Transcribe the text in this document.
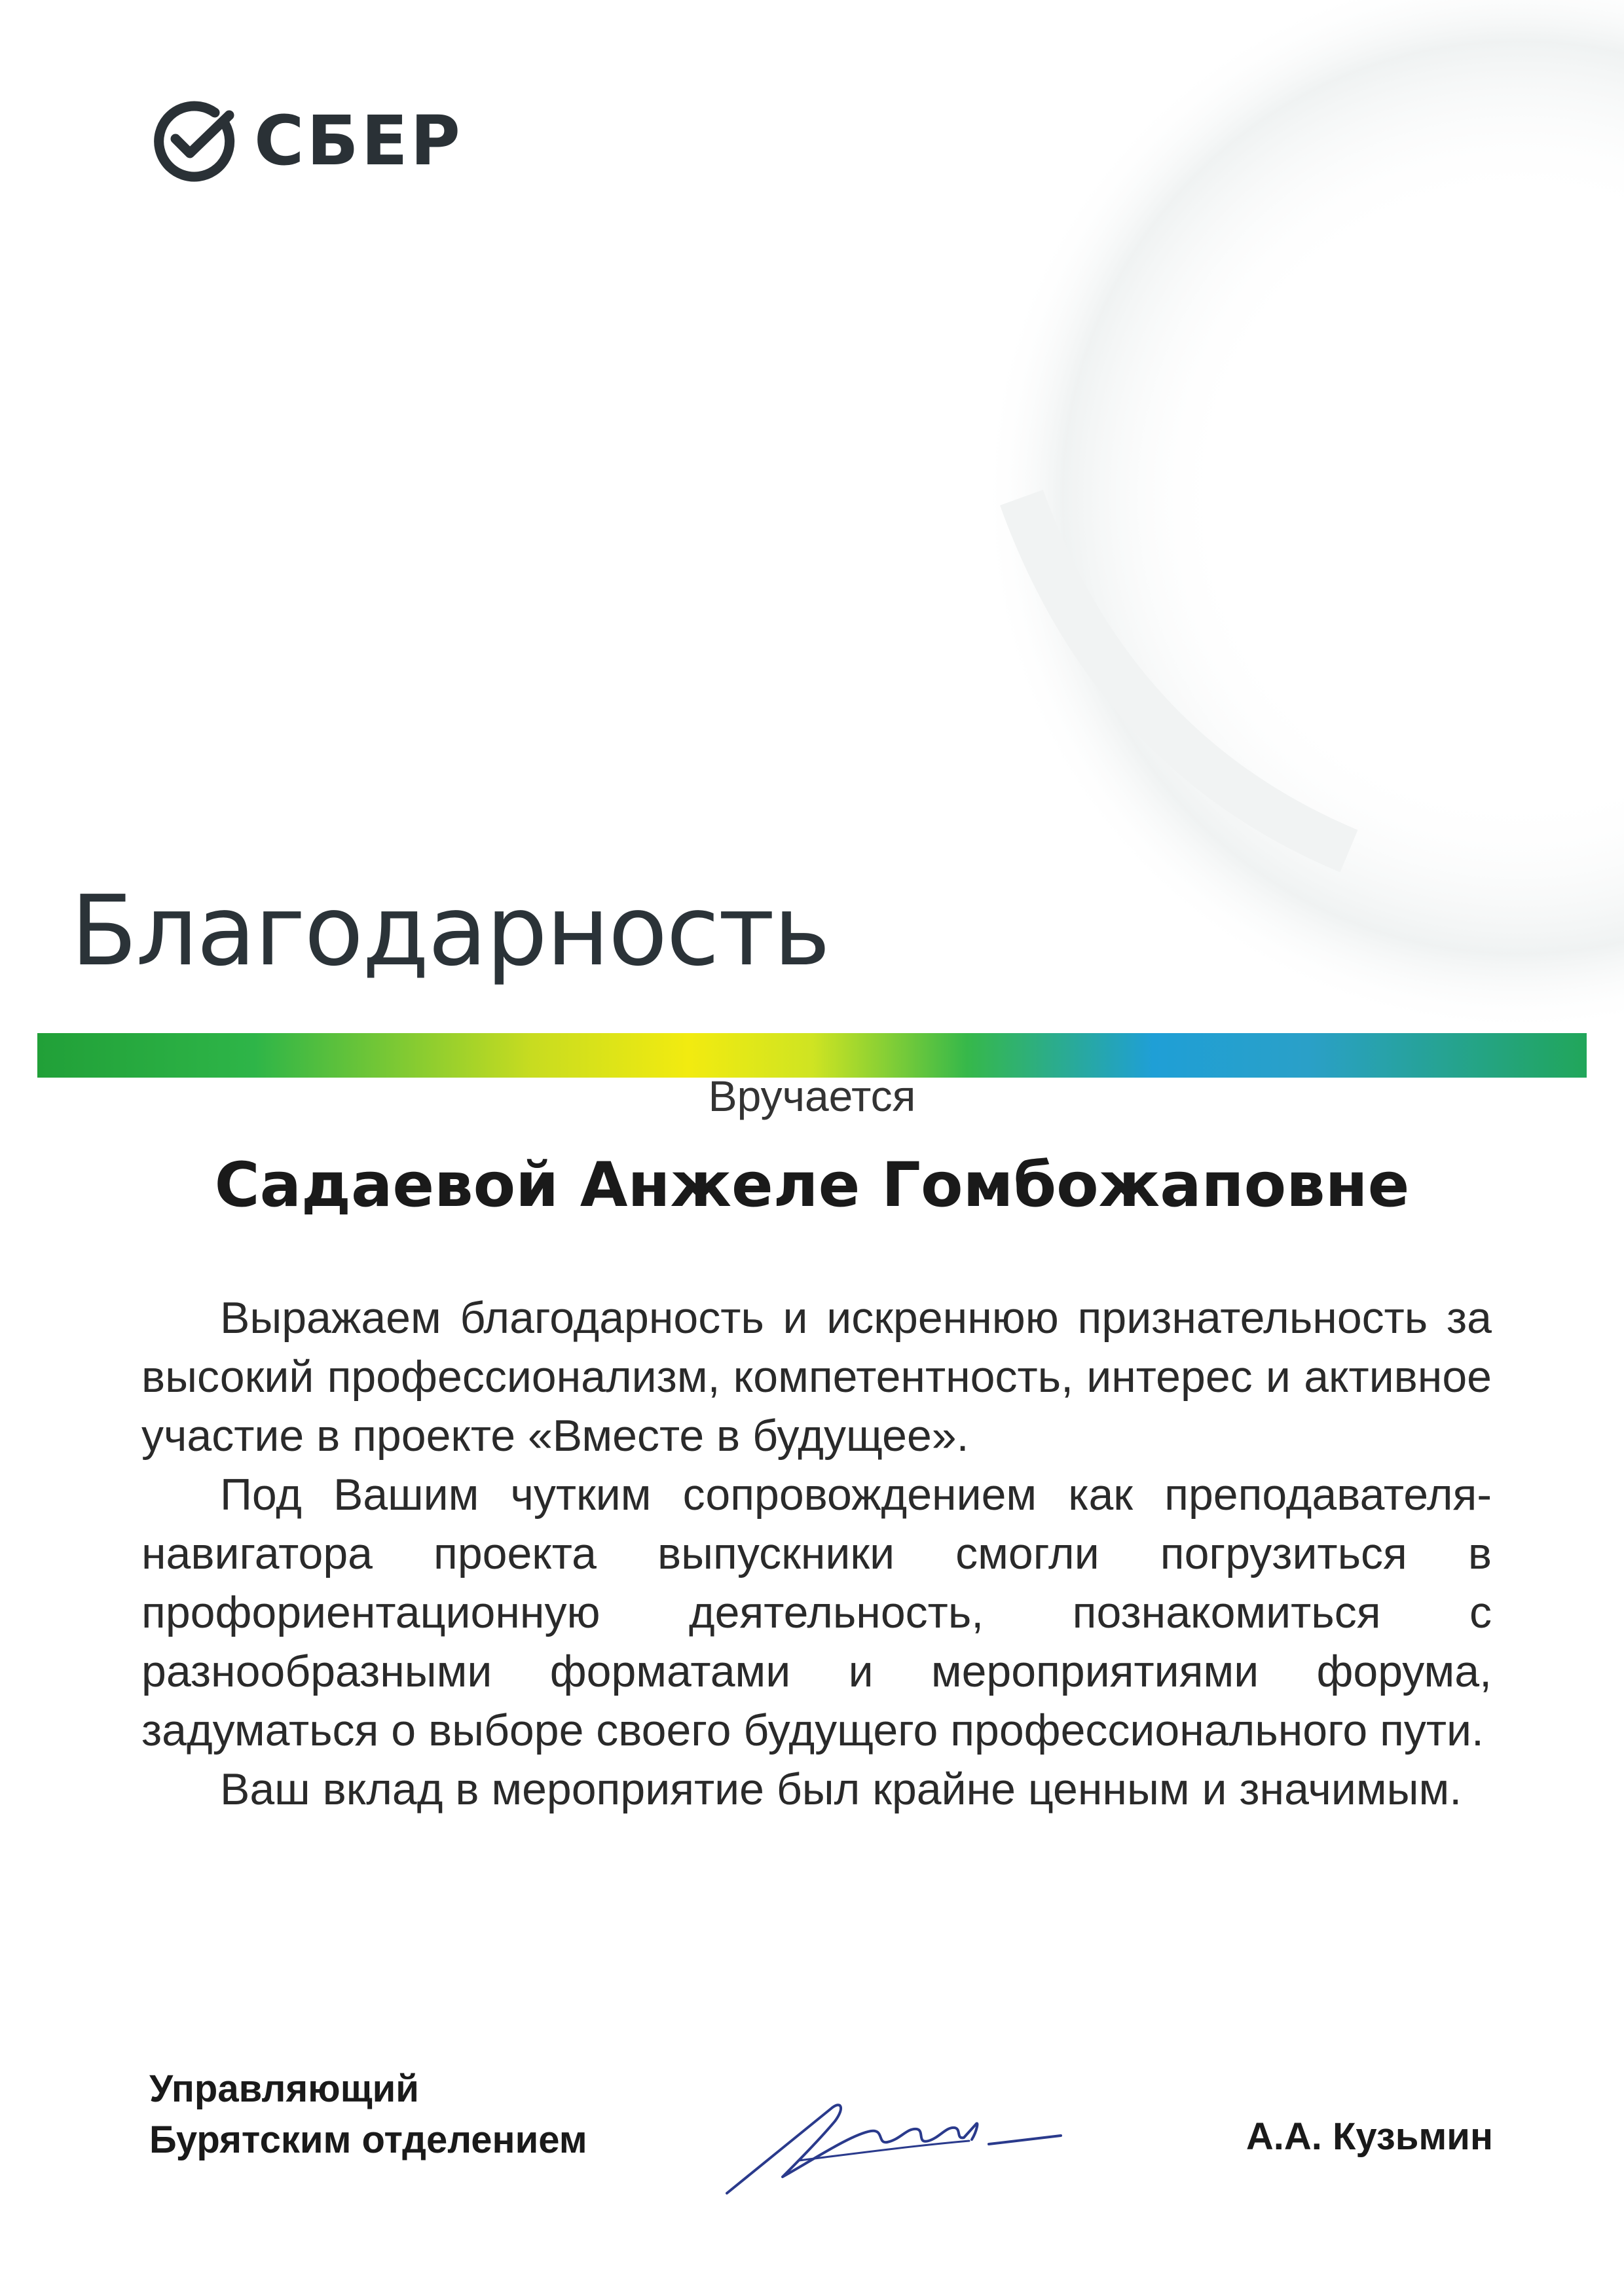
СБЕР
Благодарность
Вручается
Садаевой Анжеле Гомбожаповне

Выражаем благодарность и искреннюю признательность за высокий профессионализм, компетентность, интерес и активное участие в проекте «Вместе в будущее».

Под Вашим чутким сопровождением как преподавателя-навигатора проекта выпускники смогли погрузиться в профориентационную деятельность, познакомиться с разнообразными форматами и мероприятиями форума, задуматься о выборе своего будущего профессионального пути.

Ваш вклад в мероприятие был крайне ценным и значимым.

Управляющий
Бурятским отделением	А.А. Кузьмин
